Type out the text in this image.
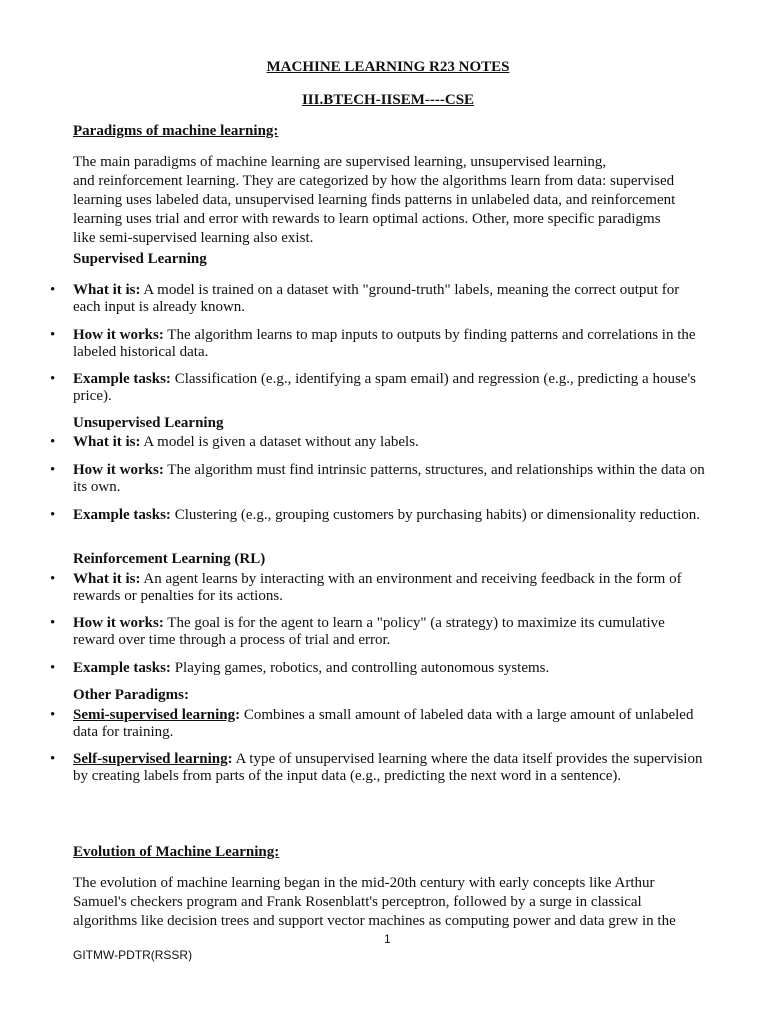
MACHINE LEARNING R23 NOTES
III.BTECH-IISEM----CSE
Paradigms of machine learning:
The main paradigms of machine learning are supervised learning, unsupervised learning,
and reinforcement learning. They are categorized by how the algorithms learn from data: supervised
learning uses labeled data, unsupervised learning finds patterns in unlabeled data, and reinforcement
learning uses trial and error with rewards to learn optimal actions. Other, more specific paradigms
like semi-supervised learning also exist.
Supervised Learning
• What it is: A model is trained on a dataset with "ground-truth" labels, meaning the correct output for each input is already known.
• How it works: The algorithm learns to map inputs to outputs by finding patterns and correlations in the labeled historical data.
• Example tasks: Classification (e.g., identifying a spam email) and regression (e.g., predicting a house's price).
Unsupervised Learning
• What it is: A model is given a dataset without any labels.
• How it works: The algorithm must find intrinsic patterns, structures, and relationships within the data on its own.
• Example tasks: Clustering (e.g., grouping customers by purchasing habits) or dimensionality reduction.
Reinforcement Learning (RL)
• What it is: An agent learns by interacting with an environment and receiving feedback in the form of rewards or penalties for its actions.
• How it works: The goal is for the agent to learn a "policy" (a strategy) to maximize its cumulative reward over time through a process of trial and error.
• Example tasks: Playing games, robotics, and controlling autonomous systems.
Other Paradigms:
• Semi-supervised learning: Combines a small amount of labeled data with a large amount of unlabeled data for training.
• Self-supervised learning: A type of unsupervised learning where the data itself provides the supervision by creating labels from parts of the input data (e.g., predicting the next word in a sentence).
Evolution of Machine Learning:
The evolution of machine learning began in the mid-20th century with early concepts like Arthur
Samuel's checkers program and Frank Rosenblatt's perceptron, followed by a surge in classical
algorithms like decision trees and support vector machines as computing power and data grew in the
1
GITMW-PDTR(RSSR)
